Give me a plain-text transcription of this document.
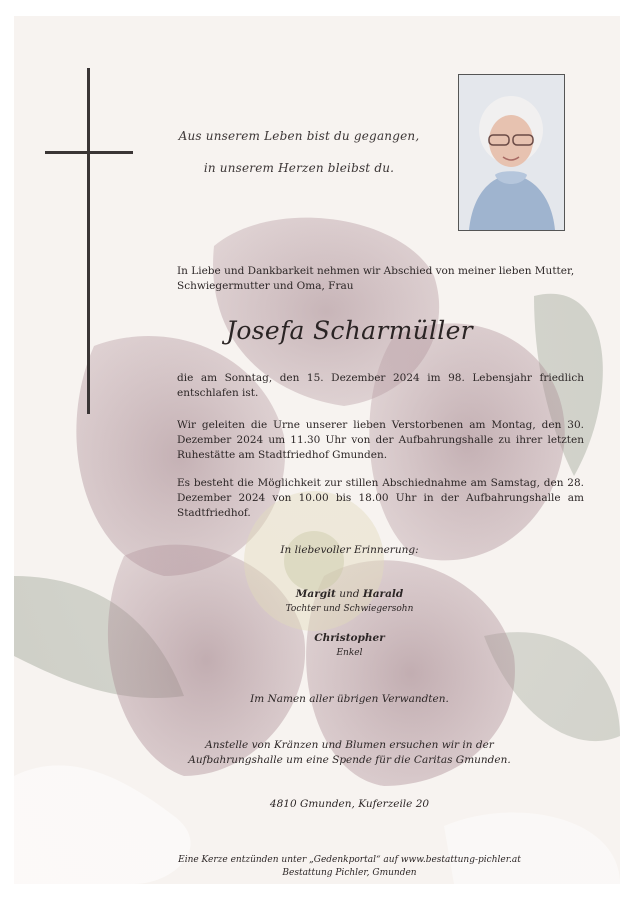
Aus unserem Leben bist du gegangen,
in unserem Herzen bleibst du.
In Liebe und Dankbarkeit nehmen wir Abschied von meiner lieben Mutter, Schwiegermutter und Oma, Frau
Josefa Scharmüller
die am Sonntag, den 15. Dezember 2024 im 98. Lebensjahr friedlich entschlafen ist.
Wir geleiten die Urne unserer lieben Verstorbenen am Montag, den 30. Dezember 2024 um 11.30 Uhr von der Aufbahrungshalle zu ihrer letzten Ruhestätte am Stadtfriedhof Gmunden.
Es besteht die Möglichkeit zur stillen Abschiednahme am Samstag, den 28. Dezember 2024 von 10.00 bis 18.00 Uhr in der Aufbahrungshalle am Stadtfriedhof.
In liebevoller Erinnerung:
Margit und Harald
Tochter und Schwiegersohn
Christopher
Enkel
Im Namen aller übrigen Verwandten.
Anstelle von Kränzen und Blumen ersuchen wir in der Aufbahrungshalle um eine Spende für die Caritas Gmunden.
4810 Gmunden, Kuferzeile 20
Eine Kerze entzünden unter „Gedenkportal“ auf www.bestattung-pichler.at
Bestattung Pichler, Gmunden
